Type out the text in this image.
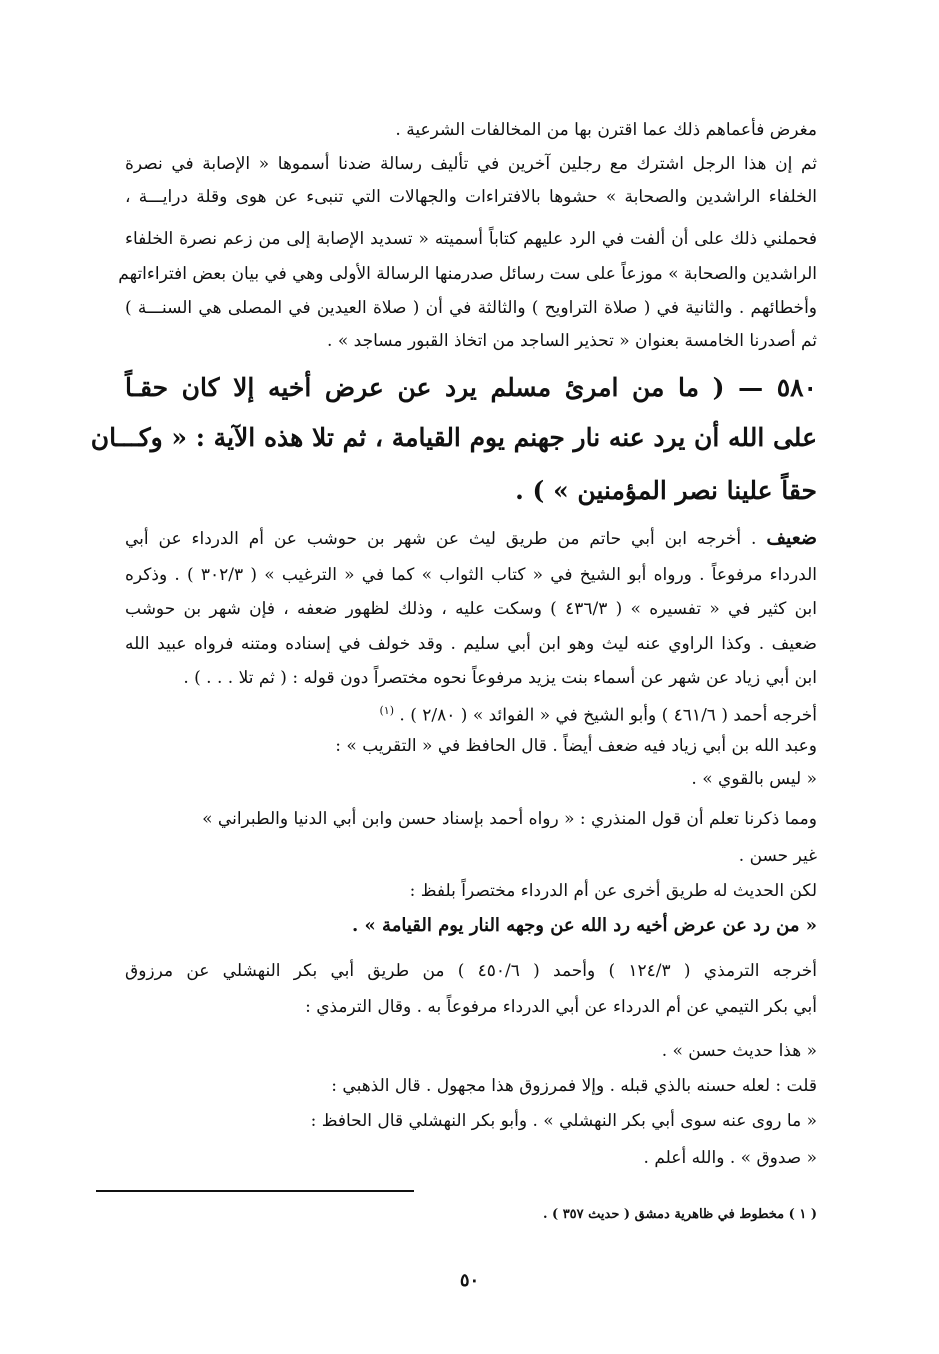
مغرض فأعماهم ذلك عما اقترن بها من المخالفات الشرعية .
ثم إن هذا الرجل اشترك مع رجلين آخرين في تأليف رسالة ضدنا أسموها « الإصابة في نصرة
الخلفاء الراشدين والصحابة » حشوها بالافتراءات والجهالات التي تنبىء عن هوى وقلة درايـــة ،
فحملني ذلك على أن ألفت في الرد عليهم كتاباً أسميته « تسديد الإصابة إلى من زعم نصرة الخلفاء
الراشدين والصحابة » موزعاً على ست رسائل صدرمنها الرسالة الأولى وهي في بيان بعض افتراءاتهم
وأخطائهم . والثانية في ( صلاة التراويح ) والثالثة في أن ( صلاة العيدين في المصلى هي السنـــة )
ثم أصدرنا الخامسة بعنوان « تحذير الساجد من اتخاذ القبور مساجد » .
٥٨٠ — ( ما من امرئ مسلم يرد عن عرض أخيه إلا كان حقـاً
على الله أن يرد عنه نار جهنم يوم القيامة ، ثم تلا هذه الآية : « وكـــان
حقاً علينا نصر المؤمنين » ) .
ضعيف . أخرجه ابن أبي حاتم من طريق ليث عن شهر بن حوشب عن أم الدرداء عن أبي
الدرداء مرفوعاً . ورواه أبو الشيخ في « كتاب الثواب » كما في « الترغيب » ( ٣٠٢/٣ ) . وذكره
ابن كثير في « تفسيره » ( ٤٣٦/٣ ) وسكت عليه ، وذلك لظهور ضعفه ، فإن شهر بن حوشب
ضعيف . وكذا الراوي عنه ليث وهو ابن أبي سليم . وقد خولف في إسناده ومتنه فرواه عبيد الله
ابن أبي زياد عن شهر عن أسماء بنت يزيد مرفوعاً نحوه مختصراً دون قوله : ( ثم تلا . . . ) .
أخرجه أحمد ( ٤٦١/٦ ) وأبو الشيخ في « الفوائد » ( ٢/٨٠ ) . $^{(١)}$
وعبد الله بن أبي زياد فيه ضعف أيضاً . قال الحافظ في « التقريب » :
« ليس بالقوي » .
ومما ذكرنا تعلم أن قول المنذري : « رواه أحمد بإسناد حسن وابن أبي الدنيا والطبراني »
غير حسن .
لكن الحديث له طريق أخرى عن أم الدرداء مختصراً بلفظ :
« من رد عن عرض أخيه رد الله عن وجهه النار يوم القيامة » .
أخرجه الترمذي ( ١٢٤/٣ ) وأحمد ( ٤٥٠/٦ ) من طريق أبي بكر النهشلي عن مرزوق
أبي بكر التيمي عن أم الدرداء عن أبي الدرداء مرفوعاً به . وقال الترمذي :
« هذا حديث حسن » .
قلت : لعله حسنه بالذي قبله . وإلا فمرزوق هذا مجهول . قال الذهبي :
« ما روى عنه سوى أبي بكر النهشلي » . وأبو بكر النهشلي قال الحافظ :
« صدوق » . والله أعلم .
( ١ ) مخطوط في ظاهرية دمشق ( حديث ٣٥٧ ) .
٥٠
